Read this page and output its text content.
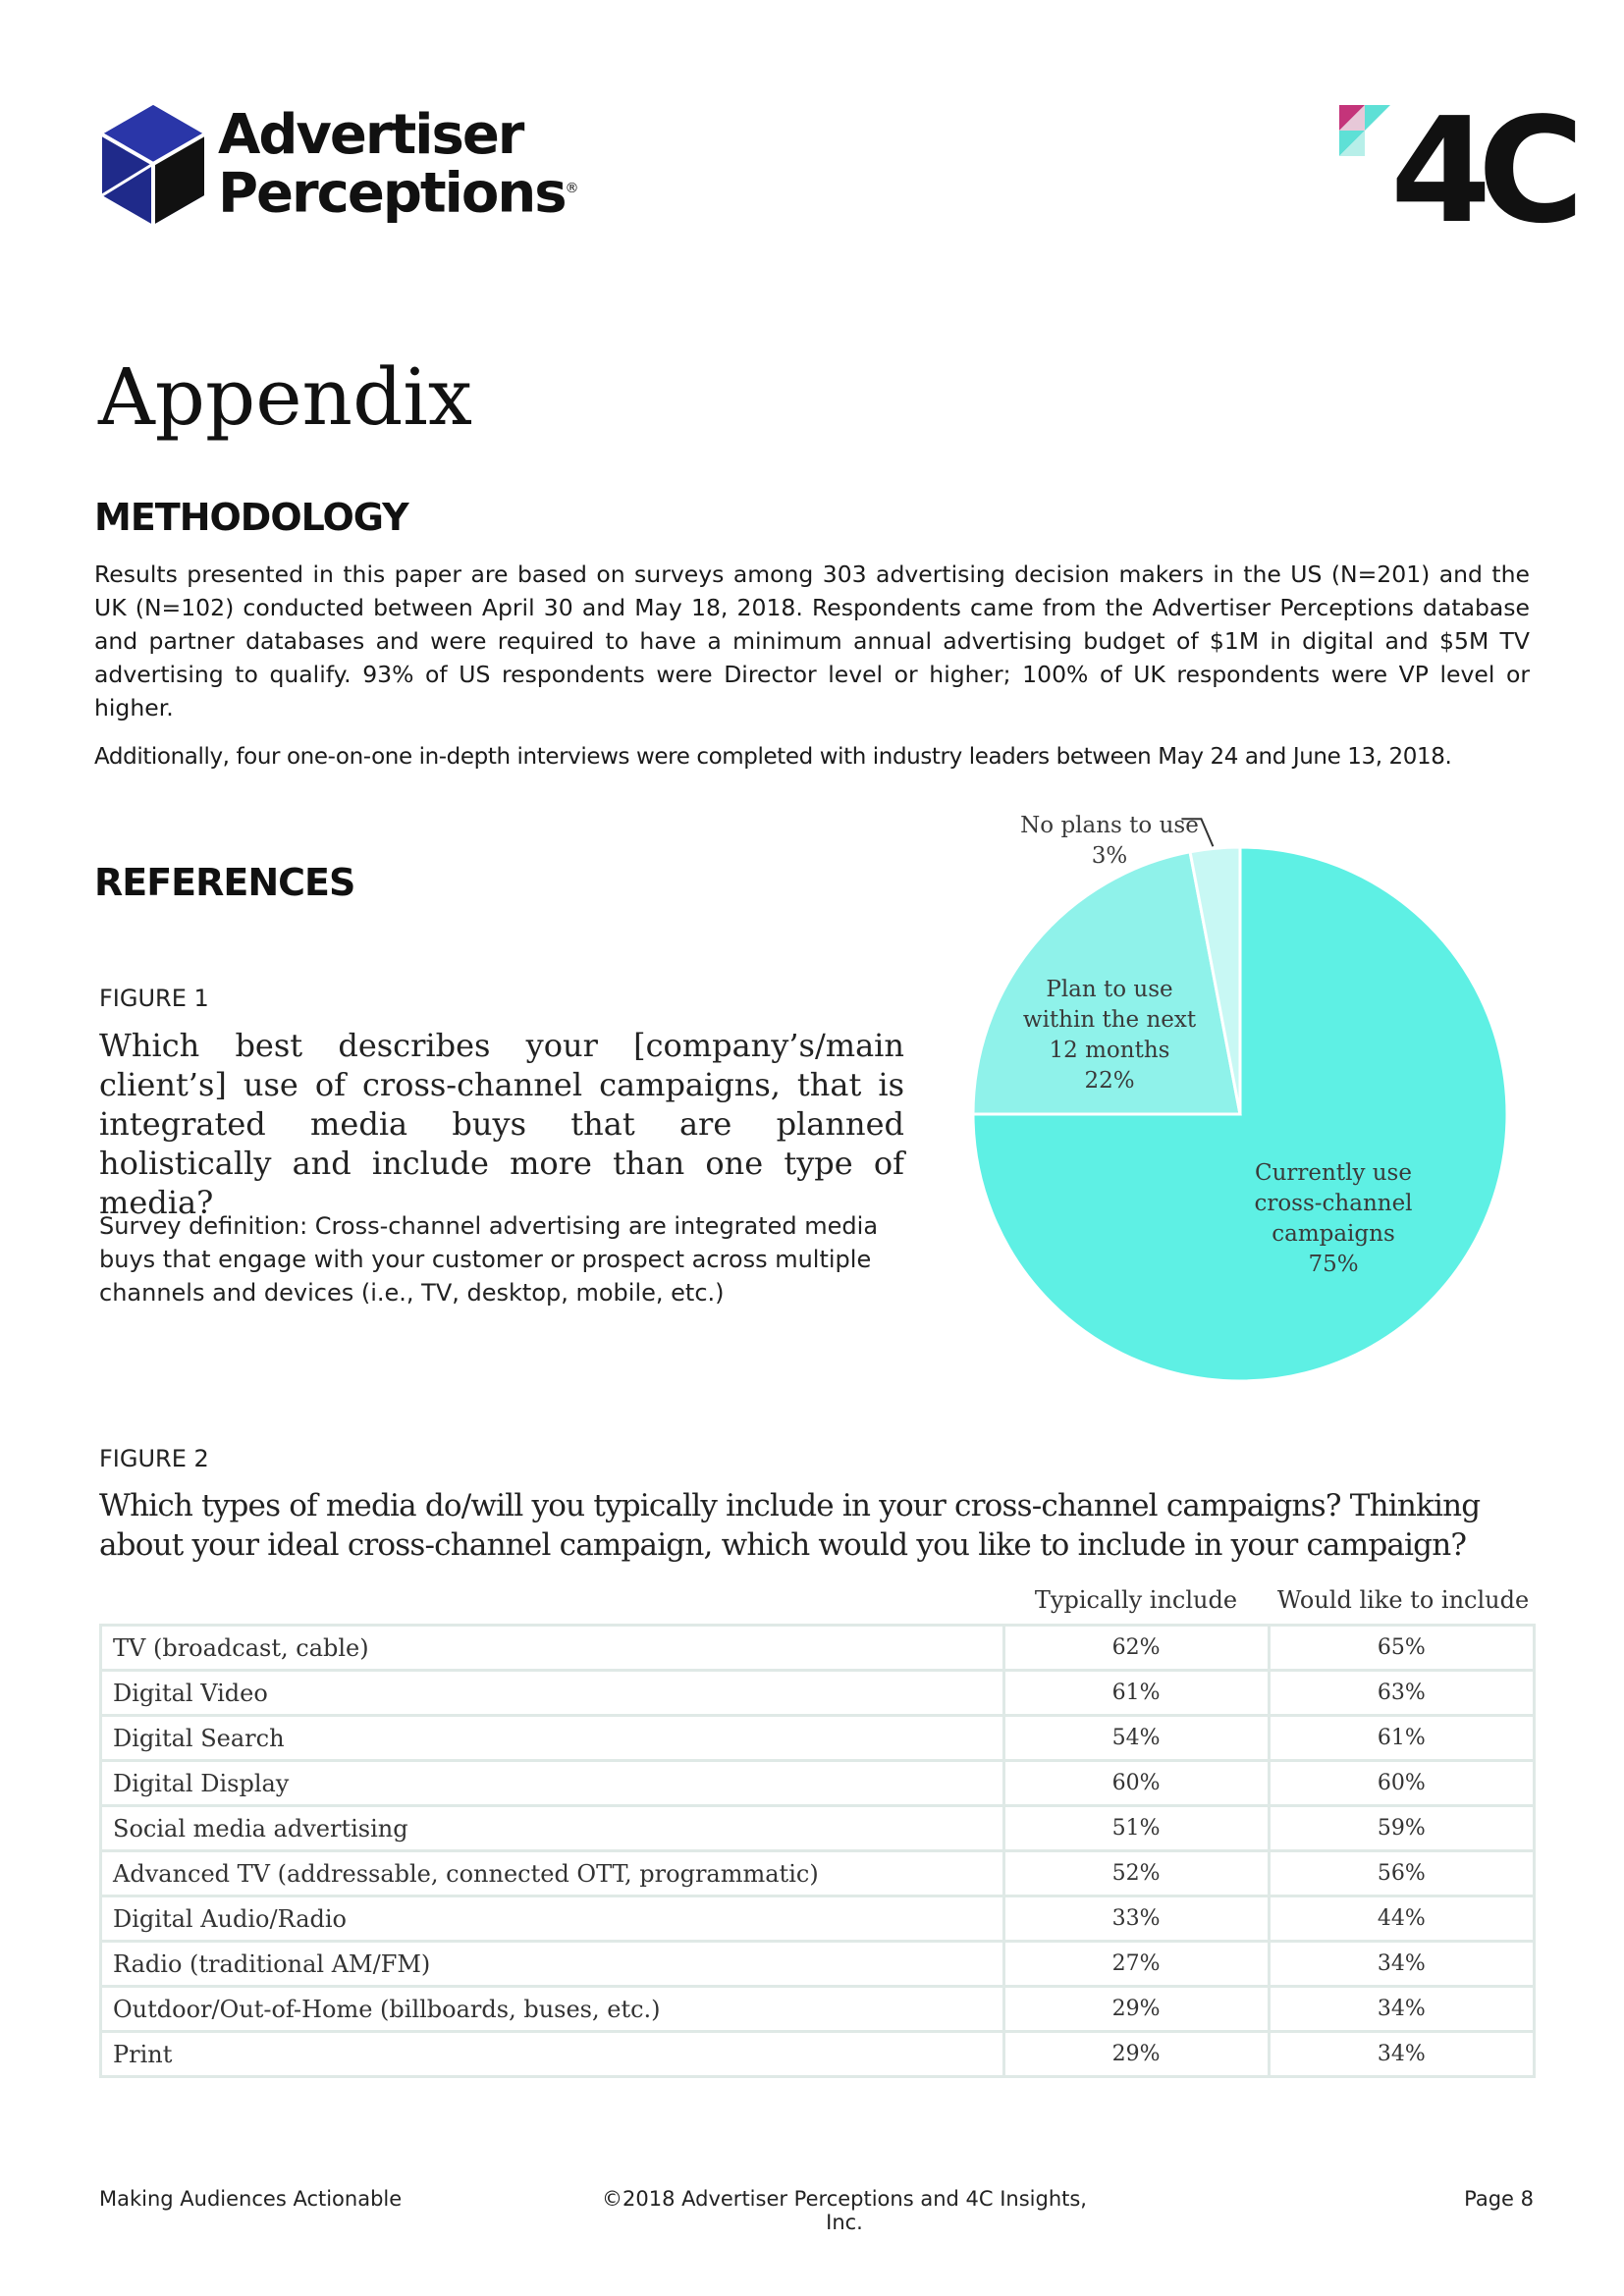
Advertiser
Perceptions®	4C
Appendix
METHODOLOGY
Results presented in this paper are based on surveys among 303 advertising decision makers in the US (N=201) and the UK (N=102) conducted between April 30 and May 18, 2018. Respondents came from the Advertiser Perceptions database and partner databases and were required to have a minimum annual advertising budget of $1M in digital and $5M TV advertising to qualify. 93% of US respondents were Director level or higher; 100% of UK respondents were VP level or higher.
Additionally, four one-on-one in-depth interviews were completed with industry leaders between May 24 and June 13, 2018.
REFERENCES
FIGURE 1
Which best describes your [company’s/main client’s] use of cross-channel campaigns, that is integrated media buys that are planned holistically and include more than one type of media?
Survey definition: Cross-channel advertising are integrated media buys that engage with your customer or prospect across multiple channels and devices (i.e., TV, desktop, mobile, etc.)
Currently use cross-channel campaigns 75%
Plan to use within the next 12 months 22%
No plans to use 3%
FIGURE 2
Which types of media do/will you typically include in your cross-channel campaigns? Thinking about your ideal cross-channel campaign, which would you like to include in your campaign?
Typically include	Would like to include
TV (broadcast, cable)	62%	65%
Digital Video	61%	63%
Digital Search	54%	61%
Digital Display	60%	60%
Social media advertising	51%	59%
Advanced TV (addressable, connected OTT, programmatic)	52%	56%
Digital Audio/Radio	33%	44%
Radio (traditional AM/FM)	27%	34%
Outdoor/Out-of-Home (billboards, buses, etc.)	29%	34%
Print	29%	34%
Making Audiences Actionable	©2018 Advertiser Perceptions and 4C Insights, Inc.
Page 8
